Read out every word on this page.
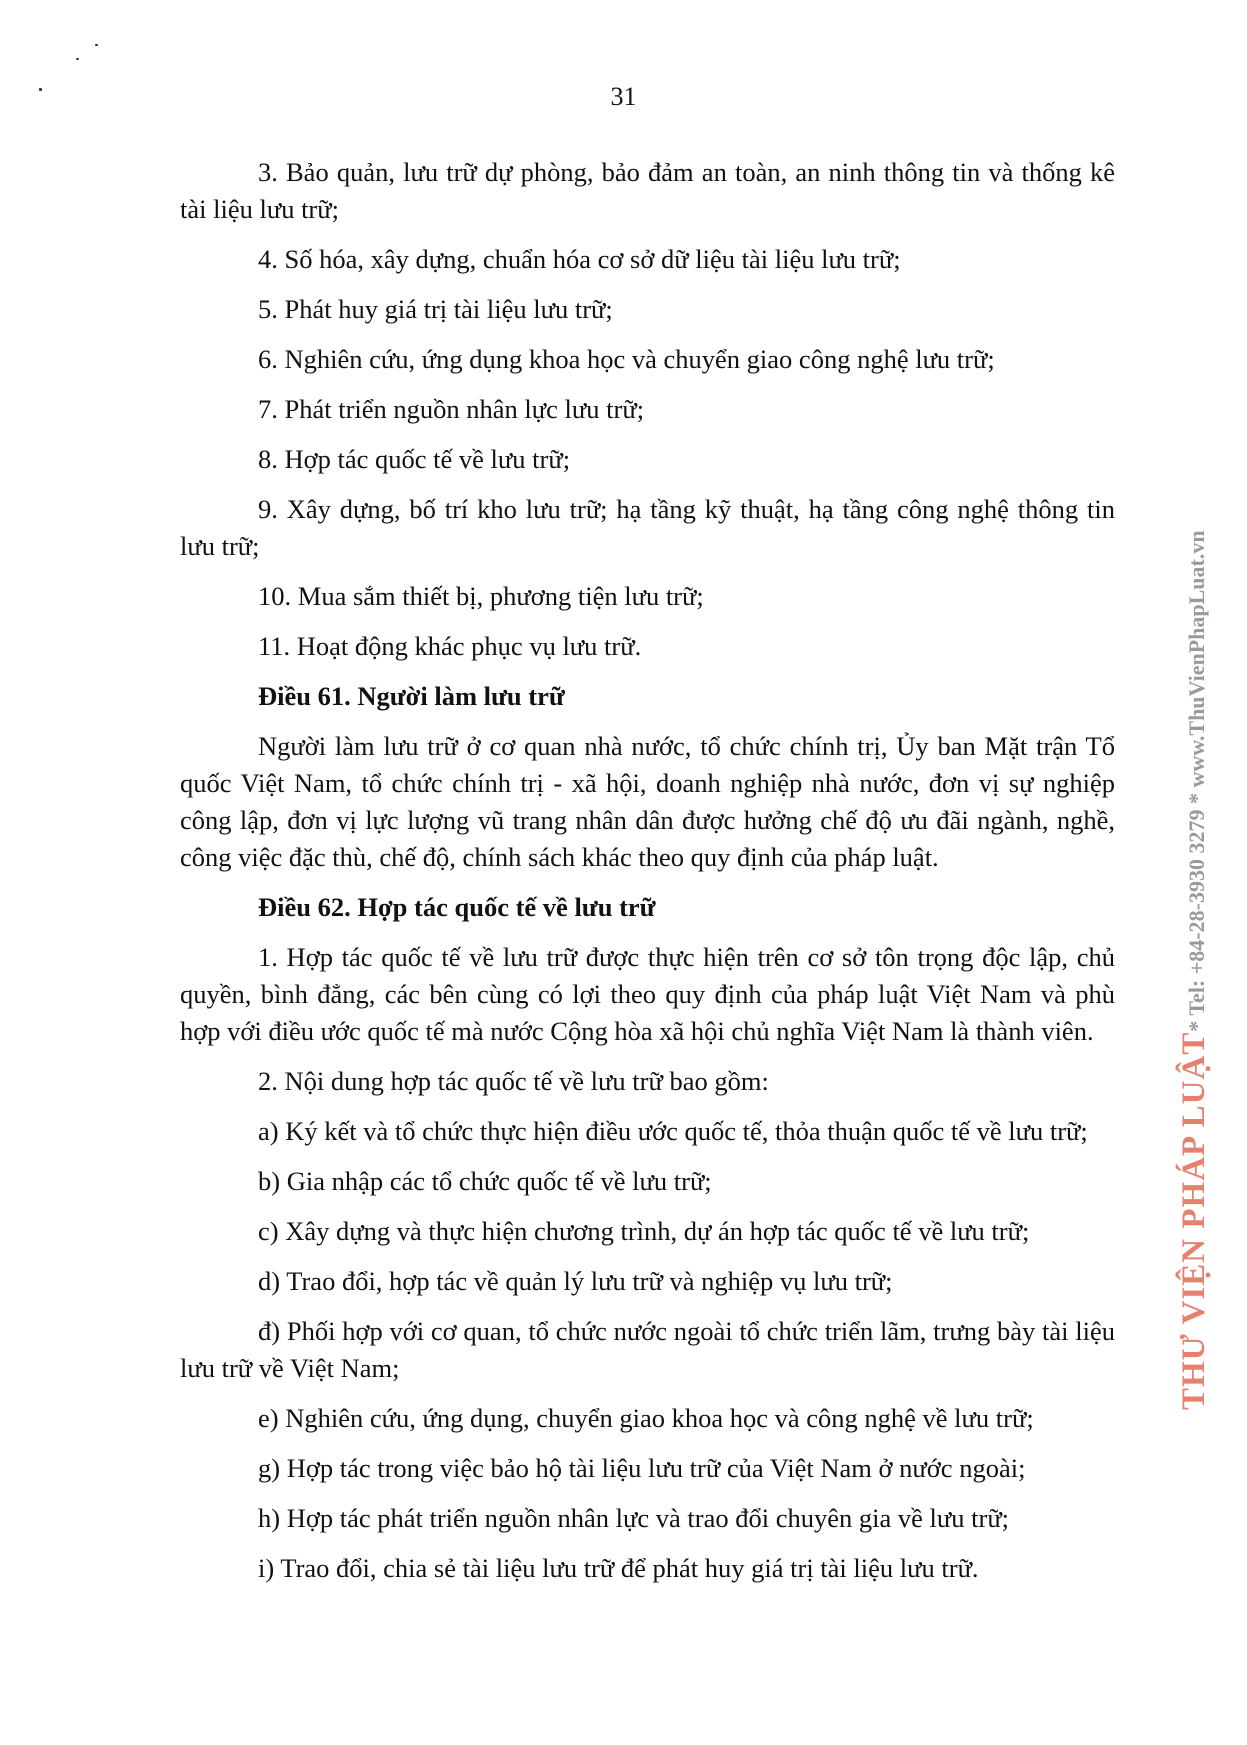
31
3. Bảo quản, lưu trữ dự phòng, bảo đảm an toàn, an ninh thông tin và thống kê tài liệu lưu trữ;
4. Số hóa, xây dựng, chuẩn hóa cơ sở dữ liệu tài liệu lưu trữ;
5. Phát huy giá trị tài liệu lưu trữ;
6. Nghiên cứu, ứng dụng khoa học và chuyển giao công nghệ lưu trữ;
7. Phát triển nguồn nhân lực lưu trữ;
8. Hợp tác quốc tế về lưu trữ;
9. Xây dựng, bố trí kho lưu trữ; hạ tầng kỹ thuật, hạ tầng công nghệ thông tin lưu trữ;
10. Mua sắm thiết bị, phương tiện lưu trữ;
11. Hoạt động khác phục vụ lưu trữ.
Điều 61. Người làm lưu trữ
Người làm lưu trữ ở cơ quan nhà nước, tổ chức chính trị, Ủy ban Mặt trận Tổ quốc Việt Nam, tổ chức chính trị - xã hội, doanh nghiệp nhà nước, đơn vị sự nghiệp công lập, đơn vị lực lượng vũ trang nhân dân được hưởng chế độ ưu đãi ngành, nghề, công việc đặc thù, chế độ, chính sách khác theo quy định của pháp luật.
Điều 62. Hợp tác quốc tế về lưu trữ
1. Hợp tác quốc tế về lưu trữ được thực hiện trên cơ sở tôn trọng độc lập, chủ quyền, bình đẳng, các bên cùng có lợi theo quy định của pháp luật Việt Nam và phù hợp với điều ước quốc tế mà nước Cộng hòa xã hội chủ nghĩa Việt Nam là thành viên.
2. Nội dung hợp tác quốc tế về lưu trữ bao gồm:
a) Ký kết và tổ chức thực hiện điều ước quốc tế, thỏa thuận quốc tế về lưu trữ;
b) Gia nhập các tổ chức quốc tế về lưu trữ;
c) Xây dựng và thực hiện chương trình, dự án hợp tác quốc tế về lưu trữ;
d) Trao đổi, hợp tác về quản lý lưu trữ và nghiệp vụ lưu trữ;
đ) Phối hợp với cơ quan, tổ chức nước ngoài tổ chức triển lãm, trưng bày tài liệu lưu trữ về Việt Nam;
e) Nghiên cứu, ứng dụng, chuyển giao khoa học và công nghệ về lưu trữ;
g) Hợp tác trong việc bảo hộ tài liệu lưu trữ của Việt Nam ở nước ngoài;
h) Hợp tác phát triển nguồn nhân lực và trao đổi chuyên gia về lưu trữ;
i) Trao đổi, chia sẻ tài liệu lưu trữ để phát huy giá trị tài liệu lưu trữ.
THƯ VIỆN PHÁP LUẬT* Tel: +84-28-3930 3279 * www.ThuVienPhapLuat.vn
